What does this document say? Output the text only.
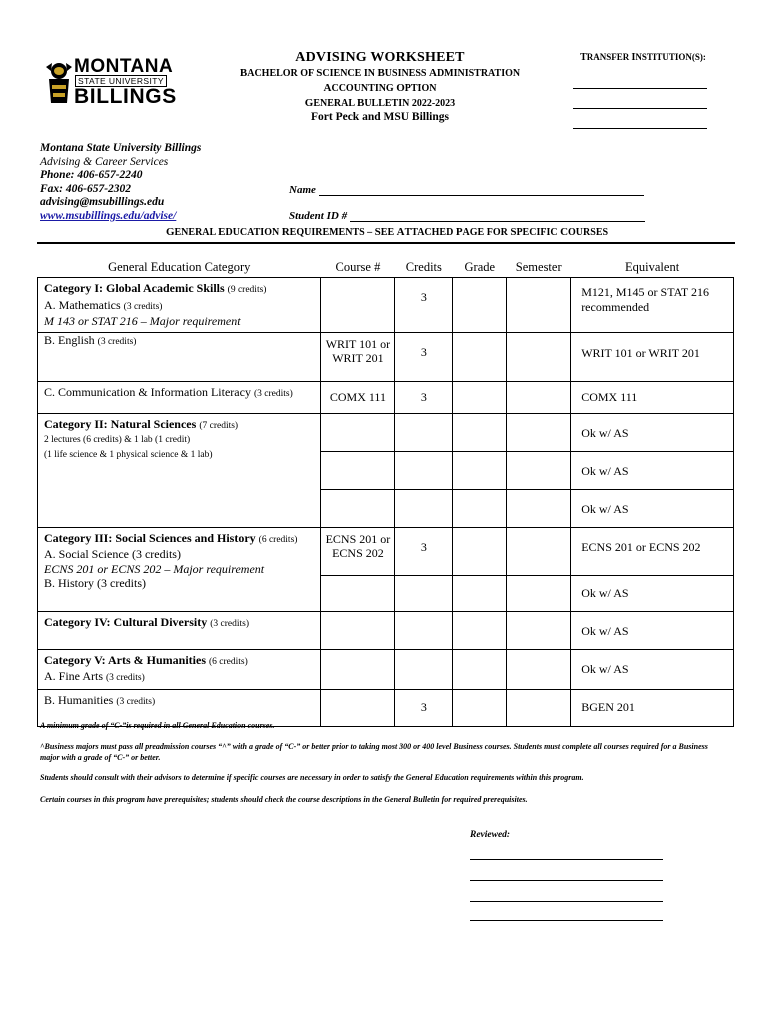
MONTANA
STATE UNIVERSITY
BILLINGS
ADVISING WORKSHEET
BACHELOR OF SCIENCE IN BUSINESS ADMINISTRATION
ACCOUNTING OPTION
GENERAL BULLETIN 2022-2023
Fort Peck and MSU Billings
TRANSFER INSTITUTION(S):
Montana State University Billings
Advising & Career Services
Phone: 406-657-2240
Fax: 406-657-2302
advising@msubillings.edu
www.msubillings.edu/advise/
Name
Student ID #
GENERAL EDUCATION REQUIREMENTS – SEE ATTACHED PAGE FOR SPECIFIC COURSES
General Education Category	Course #	Credits	Grade	Semester	Equivalent

Category I: Global Academic Skills (9 credits)
A. Mathematics (3 credits)
M 143 or STAT 216 – Major requirement		3			M121, M145 or STAT 216 recommended
B. English (3 credits)	WRIT 101 or WRIT 201	3			WRIT 101 or WRIT 201
C. Communication & Information Literacy (3 credits)	COMX 111	3			COMX 111

Category II: Natural Sciences (7 credits)
2 lectures (6 credits) & 1 lab (1 credit)
(1 life science & 1 physical science & 1 lab)					Ok w/ AS
					Ok w/ AS
					Ok w/ AS

Category III: Social Sciences and History (6 credits)
A. Social Science (3 credits)
ECNS 201 or ECNS 202 – Major requirement
B. History (3 credits)	ECNS 201 or ECNS 202	3			ECNS 201 or ECNS 202
					Ok w/ AS
Category IV: Cultural Diversity (3 credits)					Ok w/ AS

Category V: Arts & Humanities (6 credits)
A. Fine Arts (3 credits)					Ok w/ AS
B. Humanities (3 credits)		3			BGEN 201
A minimum grade of “C-”is required in all General Education courses.
^Business majors must pass all preadmission courses “^” with a grade of “C-” or better prior to taking most 300 or 400 level Business courses. Students must complete all courses required for a Business major with a grade of “C-” or better.
Students should consult with their advisors to determine if specific courses are necessary in order to satisfy the General Education requirements within this program.
Certain courses in this program have prerequisites; students should check the course descriptions in the General Bulletin for required prerequisites.
Reviewed:
